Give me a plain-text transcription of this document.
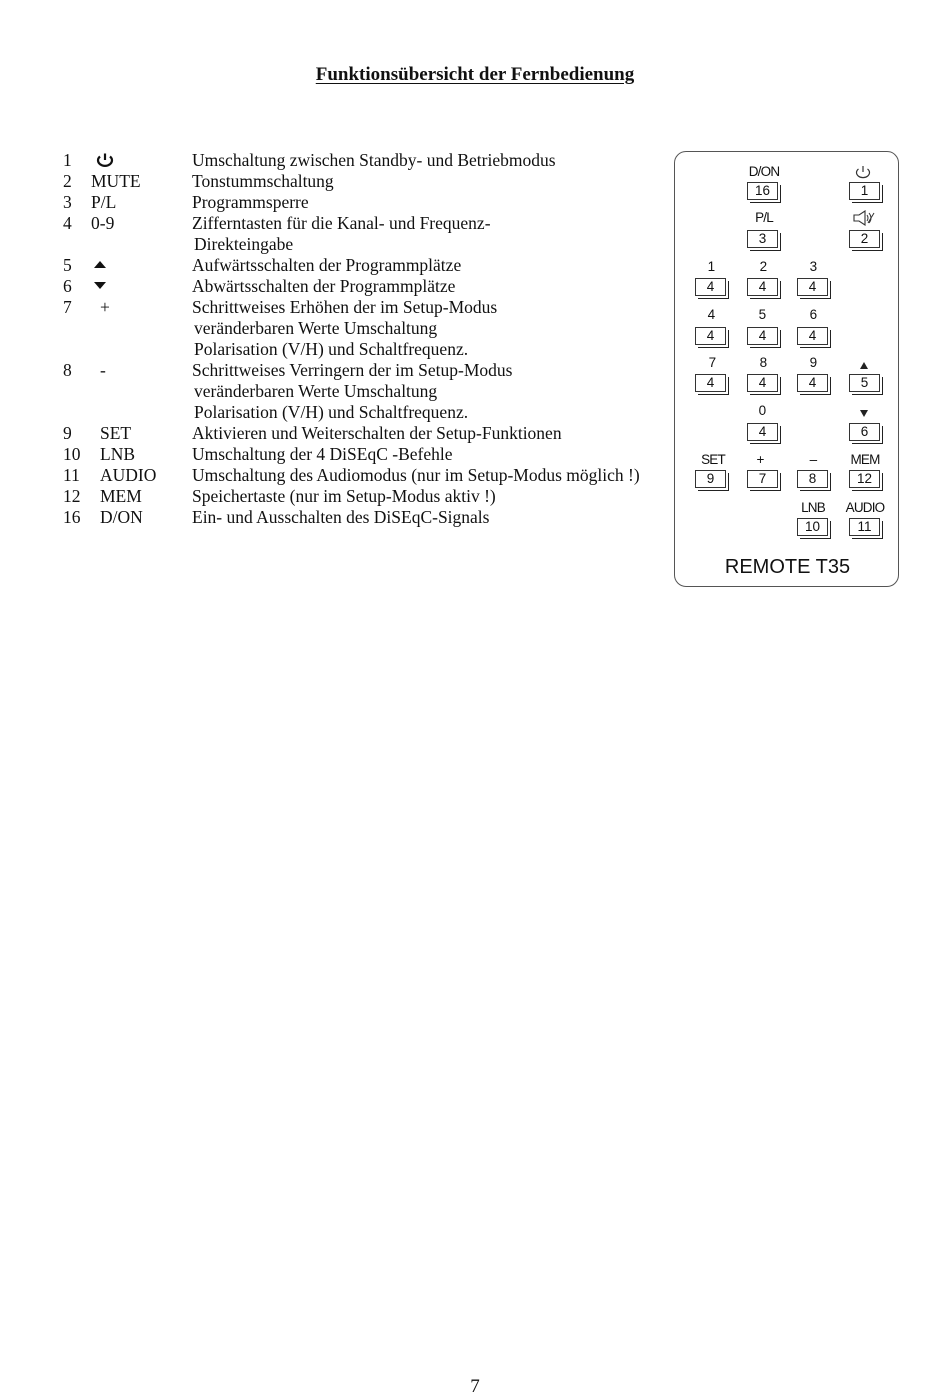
Funktionsübersicht der Fernbedienung
1	Umschaltung zwischen Standby- und Betriebmodus
2 MUTE	Tonstummschaltung
3 P/L	Programmsperre
4 0-9	Zifferntasten für die Kanal- und Frequenz-
Direkteingabe
5	Aufwärtsschalten der Programmplätze
6	Abwärtsschalten der Programmplätze
7 +	Schrittweises Erhöhen der im Setup-Modus
veränderbaren Werte Umschaltung
Polarisation (V/H) und Schaltfrequenz.
8 -	Schrittweises Verringern der im Setup-Modus
veränderbaren Werte Umschaltung
Polarisation (V/H) und Schaltfrequenz.
9 SET	Aktivieren und Weiterschalten der Setup-Funktionen
10 LNB	Umschaltung der 4 DiSEqC -Befehle
11 AUDIO Umschaltung des Audiomodus (nur im Setup-Modus möglich !)
12 MEM	Speichertaste (nur im Setup-Modus aktiv !)
16 D/ON	Ein- und Ausschalten des DiSEqC-Signals
D/ON
16	1
P/L
3	2
1
4
2
4
3
4
4
4
5
4
6
4
7
4
8
4
9
4	5
0
4	6
SET
9
+
7
–
8
MEM
12
LNB
10
AUDIO
11
REMOTE T35
7
